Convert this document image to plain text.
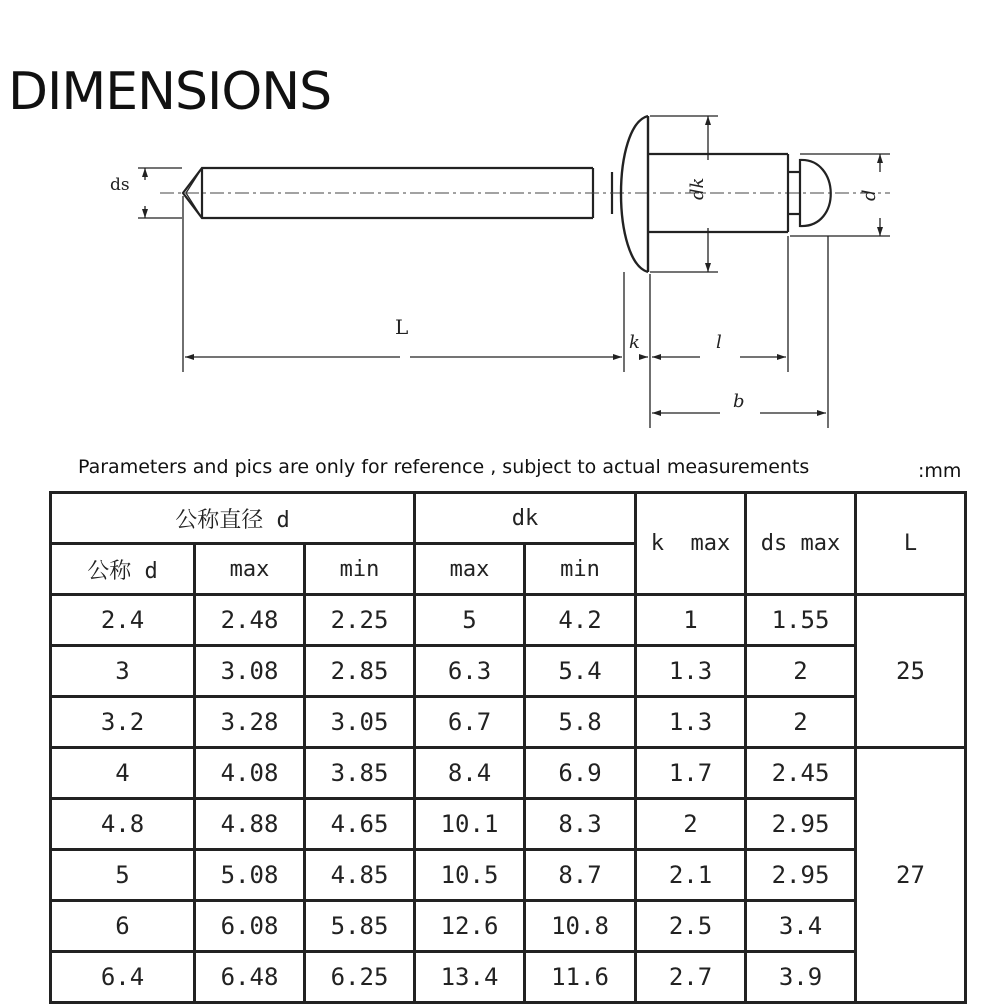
DIMENSIONS
ds	dk	d
L
k	l
b
Parameters and pics are only for reference , subject to actual measurements	:mm
公称直径 d			dk		k  max	ds max	L
公称 d	max	min	max	min			
2.4	2.48	2.25	5	4.2	1	1.55	25
3	3.08	2.85	6.3	5.4	1.3	2	
3.2	3.28	3.05	6.7	5.8	1.3	2	
4	4.08	3.85	8.4	6.9	1.7	2.45	27
4.8	4.88	4.65	10.1	8.3	2	2.95	
5	5.08	4.85	10.5	8.7	2.1	2.95	
6	6.08	5.85	12.6	10.8	2.5	3.4	
6.4	6.48	6.25	13.4	11.6	2.7	3.9	
